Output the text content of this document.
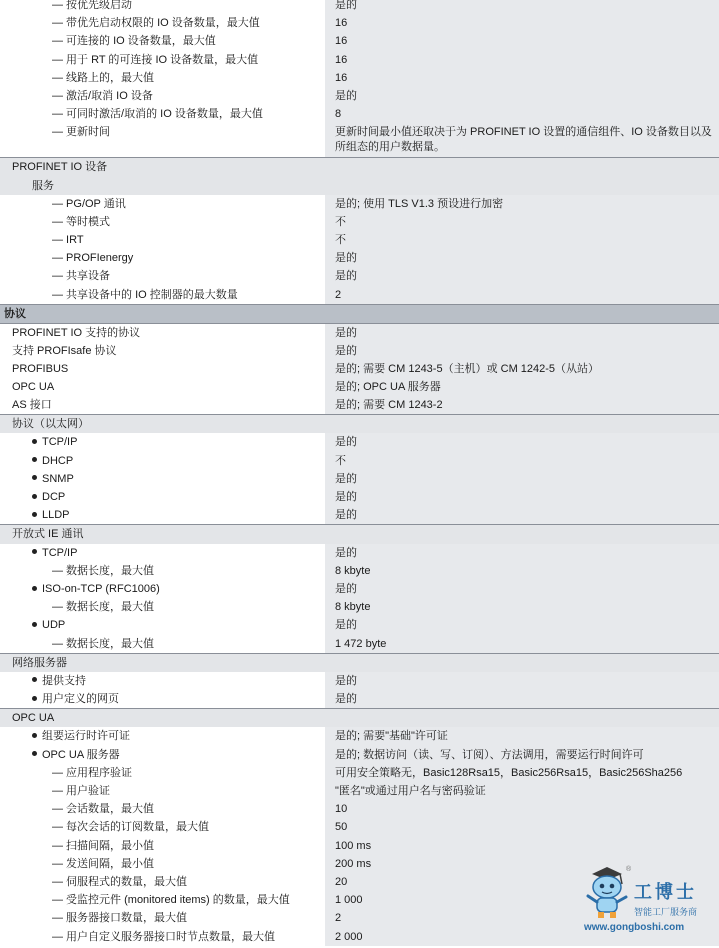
— 按优先级启动	是的
— 带优先启动权限的 IO 设备数量，最大值	16
— 可连接的 IO 设备数量，最大值	16
— 用于 RT 的可连接 IO 设备数量，最大值	16
— 线路上的，最大值	16
— 激活/取消 IO 设备	是的
— 可同时激活/取消的 IO 设备数量，最大值	8
— 更新时间	更新时间最小值还取决于为 PROFINET IO 设置的通信组件、IO 设备数目以及所组态的用户数据量。
PROFINET IO 设备
服务
— PG/OP 通讯	是的; 使用 TLS V1.3 预设进行加密
— 等时模式	不
— IRT	不
— PROFIenergy	是的
— 共享设备	是的
— 共享设备中的 IO 控制器的最大数量	2
协议
PROFINET IO 支持的协议	是的
支持 PROFIsafe 协议	是的
PROFIBUS	是的; 需要 CM 1243-5（主机）或 CM 1242-5（从站）
OPC UA	是的; OPC UA 服务器
AS 接口	是的; 需要 CM 1243-2
协议（以太网）
TCP/IP	是的
DHCP	不
SNMP	是的
DCP	是的
LLDP	是的
开放式 IE 通讯
TCP/IP	是的
— 数据长度，最大值	8 kbyte
ISO-on-TCP (RFC1006)	是的
— 数据长度，最大值	8 kbyte
UDP	是的
— 数据长度，最大值	1 472 byte
网络服务器
提供支持	是的
用户定义的网页	是的
OPC UA
组要运行时许可证	是的; 需要"基础"许可证
OPC UA 服务器	是的; 数据访问（读、写、订阅）、方法调用，需要运行时间许可
— 应用程序验证	可用安全策略无，Basic128Rsa15，Basic256Rsa15，Basic256Sha256
— 用户验证	"匿名"或通过用户名与密码验证
— 会话数量，最大值	10
— 每次会话的订阅数量，最大值	50
— 扫描间隔，最小值	100 ms
— 发送间隔，最小值	200 ms
— 伺服程式的数量，最大值	20
— 受监控元件 (monitored items) 的数量，最大值	1 000
— 服务器接口数量，最大值	2
— 用户自定义服务器接口时节点数量，最大值	2 000
®
工博士
智能工厂服务商
www.gongboshi.com
